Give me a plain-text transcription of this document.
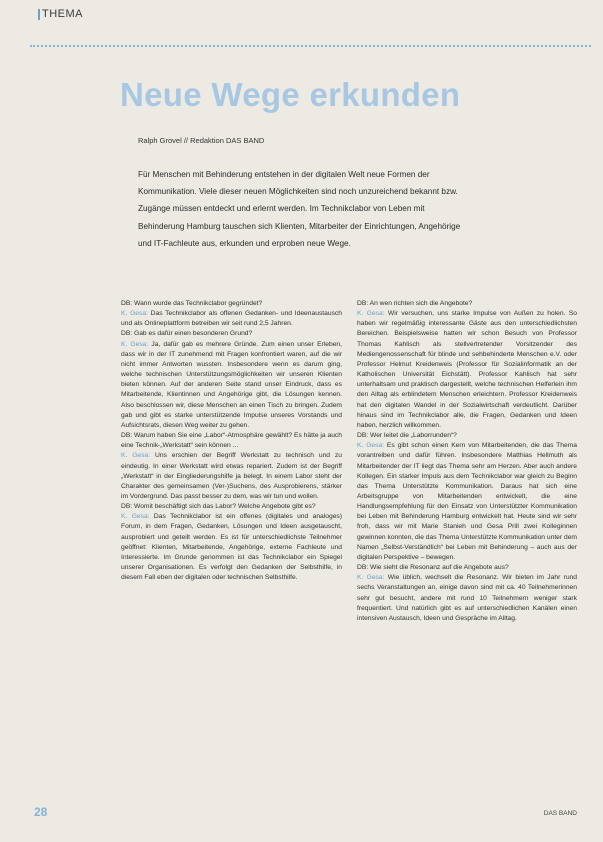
THEMA
Neue Wege erkunden

Ralph Grovel // Redaktion DAS BAND

Für Menschen mit Behinderung entstehen in der digitalen Welt neue Formen der Kommunikation. Viele dieser neuen Möglichkeiten sind noch unzureichend bekannt bzw. Zugänge müssen entdeckt und erlernt werden. Im Technikclabor von Leben mit Behinderung Hamburg tauschen sich Klienten, Mitarbeiter der Einrichtungen, Angehörige und IT-Fachleute aus, erkunden und erproben neue Wege.

DB: Wann wurde das Technikclabor gegründet?

K. Gesa: Das Technikclabor als offenen Gedanken- und Ideenaustausch und als Onlineplattform betreiben wir seit rund 2,5 Jahren.

DB: Gab es dafür einen besonderen Grund?

K. Gesa: Ja, dafür gab es mehrere Gründe. Zum einen unser Erleben, dass wir in der IT zunehmend mit Fragen konfrontiert waren, auf die wir nicht immer Antworten wussten. Insbesondere wenn es darum ging, welche technischen Unterstützungsmöglichkeiten wir unseren Klienten bieten können. Auf der anderen Seite stand unser Eindruck, dass es Mitarbeitende, Klientinnen und Angehörige gibt, die Lösungen kennen. Also beschlossen wir, diese Menschen an einen Tisch zu bringen. Zudem gab und gibt es starke unterstützende Impulse unseres Vorstands und Aufsichtsrats, diesen Weg weiter zu gehen.

DB: Warum haben Sie eine „Labor“-Atmosphäre gewählt? Es hätte ja auch eine Technik-„Werkstatt“ sein können ...

K. Gesa: Uns erschien der Begriff Werkstatt zu technisch und zu eindeutig. In einer Werkstatt wird etwas repariert. Zudem ist der Begriff „Werkstatt“ in der Eingliederungshilfe ja belegt. In einem Labor steht der Charakter des gemeinsamen (Ver-)Suchens, des Ausprobierens, stärker im Vordergrund. Das passt besser zu dem, was wir tun und wollen.

DB: Womit beschäftigt sich das Labor? Welche Angebote gibt es?

K. Gesa: Das Technikclabor ist ein offenes (digitales und analoges) Forum, in dem Fragen, Gedanken, Lösungen und Ideen ausgetauscht, ausprobiert und geteilt werden. Es ist für unterschiedlichste Teilnehmer geöffnet: Klienten, Mitarbeitende, Angehörige, externe Fachleute und Interessierte. Im Grunde genommen ist das Technikclabor ein Spiegel unserer Organisationen. Es verfolgt den Gedanken der Selbsthilfe, in diesem Fall eben der digitalen oder technischen Selbsthilfe.

DB: An wen richten sich die Angebote?

K. Gesa: Wir versuchen, uns starke Impulse von Außen zu holen. So haben wir regelmäßig interessante Gäste aus den unterschiedlichsten Bereichen. Beispielsweise hatten wir schon Besuch von Professor Thomas Kahlisch als stellvertretender Vorsitzender des Mediengenossenschaft für blinde und sehbehinderte Menschen e.V. oder Professor Helmut Kreidenweis (Professor für Sozialinformatik an der Katholischen Universität Eichstätt). Professor Kahlisch hat sehr unterhaltsam und praktisch dargestellt, welche technischen Helferlein ihm den Alltag als erblindetem Menschen erleichtern. Professor Kreidenweis hat den digitalen Wandel in der Sozialwirtschaft verdeutlicht. Darüber hinaus sind im Technikclabor alle, die Fragen, Gedanken und Ideen haben, herzlich willkommen.

DB: Wer leitet die „Laborrunden“?

K. Gesa: Es gibt schon einen Kern von Mitarbeitenden, die das Thema vorantreiben und dafür führen. Insbesondere Matthias Hellmuth als Mitarbeitender der IT liegt das Thema sehr am Herzen. Aber auch andere Kollegen. Ein starker Impuls aus dem Technikclabor war gleich zu Beginn das Thema Unterstützte Kommunikation. Daraus hat sich eine Arbeitsgruppe von Mitarbeitenden entwickelt, die eine Handlungsempfehlung für den Einsatz von Unterstützter Kommunikation bei Leben mit Behinderung Hamburg entwickelt hat. Heute sind wir sehr froh, dass wir mit Marie Stanieh und Gesa Prill zwei Kolleginnen gewinnen konnten, die das Thema Unterstützte Kommunikation unter dem Namen „Selbst-Verständlich“ bei Leben mit Behinderung – auch aus der digitalen Perspektive – bewegen.

DB: Wie sieht die Resonanz auf die Angebote aus?

K. Gesa: Wie üblich, wechselt die Resonanz. Wir bieten im Jahr rund sechs Veranstaltungen an, einige davon sind mit ca. 40 Teilnehmerinnen sehr gut besucht, andere mit rund 10 Teilnehmern weniger stark frequentiert. Und natürlich gibt es auf unterschiedlichen Kanälen einen intensiven Austausch, Ideen und Gespräche im Alltag.

28	DAS BAND
